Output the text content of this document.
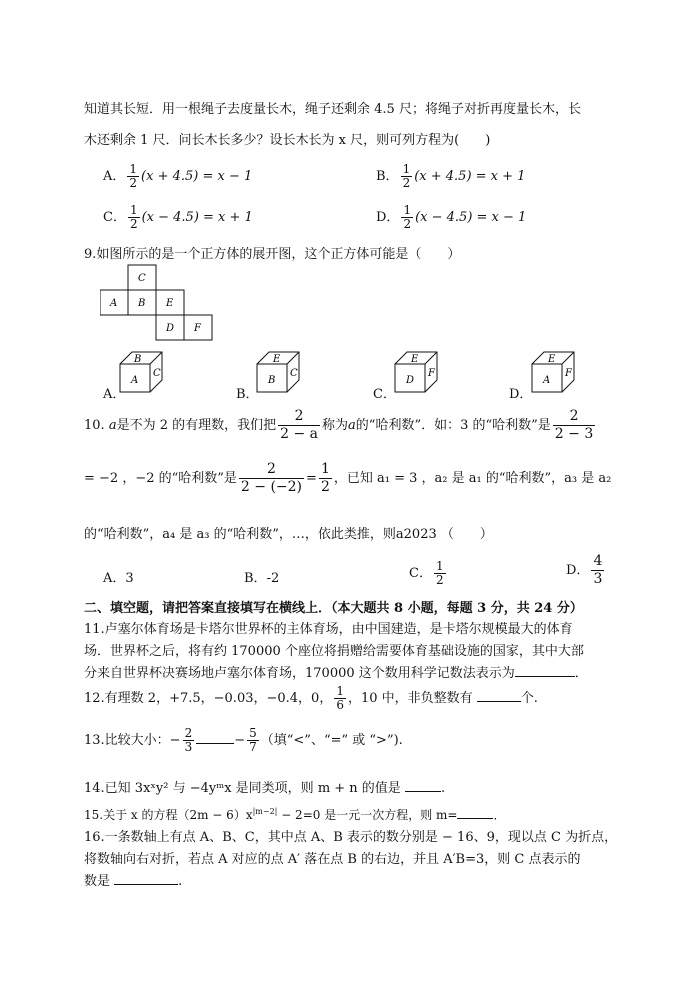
知道其长短．用一根绳子去度量长木，绳子还剩余 4.5 尺；将绳子对折再度量长木，长
木还剩余 1 尺．问长木长多少？设长木长为 x 尺，则可列方程为(　　)
A． $\frac{1}{2} (x + 4.5) = x - 1$	B． $\frac{1}{2} (x + 4.5) = x + 1$
C． $\frac{1}{2} (x - 4.5) = x + 1$	D． $\frac{1}{2} (x - 4.5) = x - 1$
9.如图所示的是一个正方体的展开图，这个正方体可能是（　　）
C
A B E
D F
A．
B
A
C
B．
E
B
C
C．
E
D
F
D．
E
A
F
10. a是不为 2 的有理数，我们把 $\frac{2}{2 - a}$ 称为a的“哈利数”．如：3 的“哈利数”是 $\frac{2}{2 - 3}$
= −2 ，−2 的“哈利数”是 $\frac{2}{2 - (-2)} = \frac{1}{2}$ ，已知 a₁ = 3 ，a₂ 是 a₁ 的“哈利数”，a₃ 是 a₂
的“哈利数”，a₄ 是 a₃ 的“哈利数”，…，依此类推，则a2023 （　　）
A．3	B．-2	C． $\frac{1}{2}$	D． $\frac{4}{3}$
二、填空题，请把答案直接填写在横线上．（本大题共 8 小题，每题 3 分，共 24 分）
11.卢塞尔体育场是卡塔尔世界杯的主体育场，由中国建造，是卡塔尔规模最大的体育
场．世界杯之后，将有约 170000 个座位将捐赠给需要体育基础设施的国家，其中大部
分来自世界杯决赛场地卢塞尔体育场，170000 这个数用科学记数法表示为	．
12.有理数 2，+7.5，−0.03，−0.4，0， $\frac{1}{6}$ ，10 中，非负整数有	个.
13.比较大小：− $\frac{2}{3}$	− $\frac{5}{7}$ （填“<”、“=” 或 “>”).
14.已知 3xˣy² 与 −4yᵐx 是同类项，则 m + n 的值是	.
15.关于 x 的方程$(2m - 6)x^{|m-2|} - 2=0$ 是一元一次方程，则 m=	．
16.一条数轴上有点 A、B、C，其中点 A、B 表示的数分别是 − 16、9，现以点 C 为折点，
将数轴向右对折，若点 A 对应的点 A′ 落在点 B 的右边，并且 A′B=3，则 C 点表示的
数是	.
